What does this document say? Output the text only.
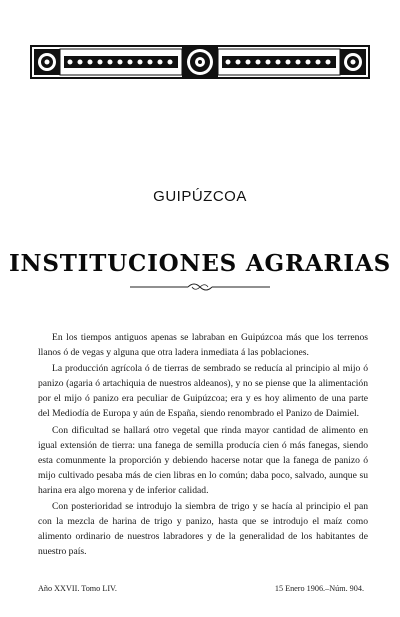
GUIPÚZCOA
INSTITUCIONES AGRARIAS

En los tiempos antiguos apenas se labraban en Guipúzcoa más que los terrenos llanos ó de vegas y alguna que otra ladera inmediata á las poblaciones.

La producción agrícola ó de tierras de sembrado se reducía al principio al mijo ó panizo (agaria ó artachiquia de nuestros aldeanos), y no se piense que la alimentación por el mijo ó panizo era peculiar de Guipúzcoa; era y es hoy alimento de una parte del Mediodía de Europa y aún de España, siendo renombrado el Panizo de Daimiel.

Con dificultad se hallará otro vegetal que rinda mayor cantidad de alimento en igual extensión de tierra: una fanega de semilla producía cien ó más fanegas, siendo esta comunmente la proporción y debiendo hacerse notar que la fanega de panizo ó mijo cultivado pesaba más de cien libras en lo común; daba poco, salvado, aunque su harina era algo morena y de inferior calidad.

Con posterioridad se introdujo la siembra de trigo y se hacía al principio el pan con la mezcla de harina de trigo y panizo, hasta que se introdujo el maíz como alimento ordinario de nuestros labradores y de la generalidad de los habitantes de nuestro país.

Año XXVII. Tomo LIV.	15 Enero 1906.–Núm. 904.
